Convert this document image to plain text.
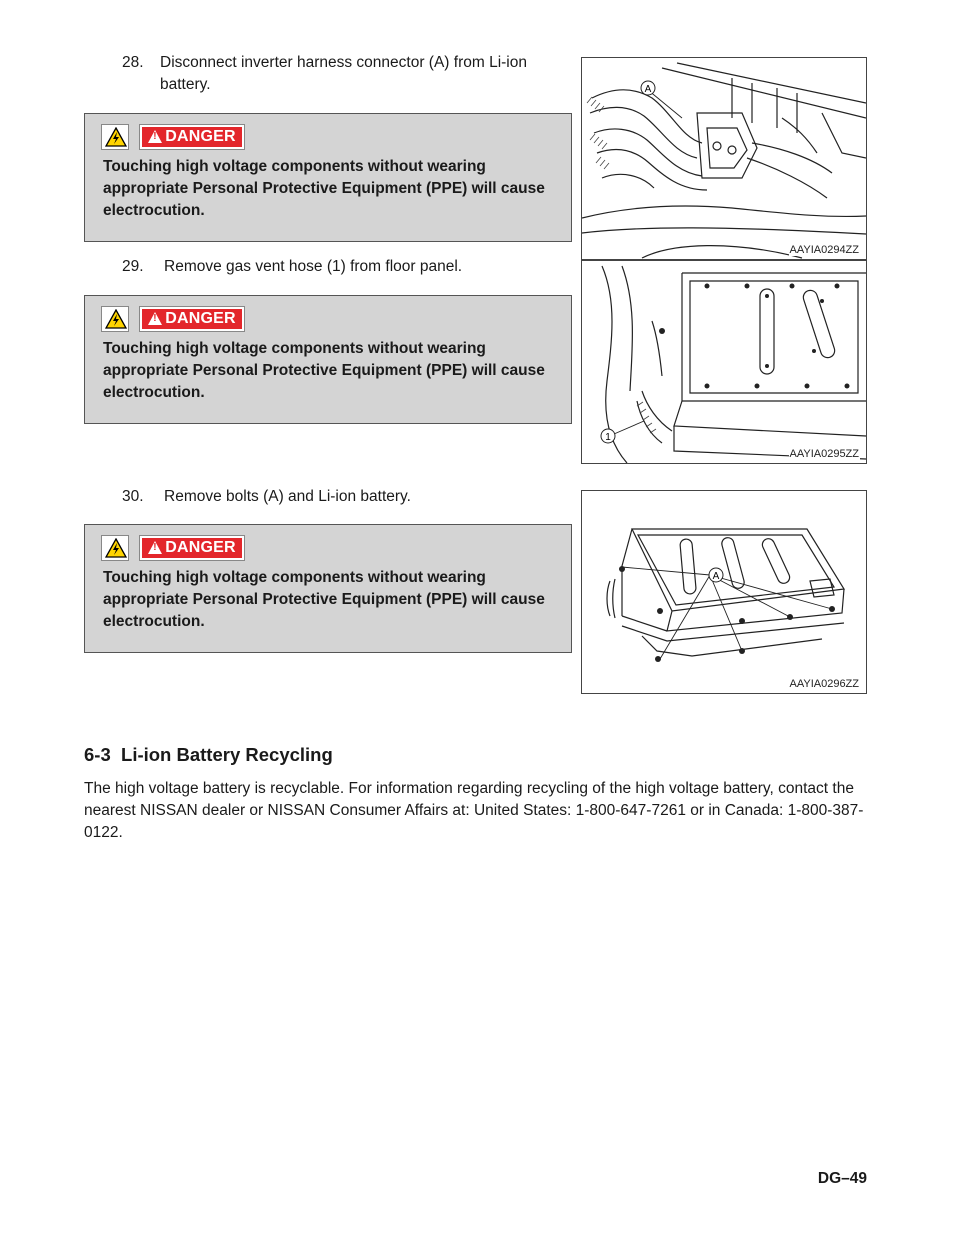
28. Disconnect inverter harness connector (A) from Li-ion
battery.
!DANGER
Touching high voltage components without wearing appropriate Personal Protective Equipment (PPE) will cause electrocution.
29. Remove gas vent hose (1) from floor panel.
!DANGER
Touching high voltage components without wearing appropriate Personal Protective Equipment (PPE) will cause electrocution.
30. Remove bolts (A) and Li-ion battery.
!DANGER
Touching high voltage components without wearing appropriate Personal Protective Equipment (PPE) will cause electrocution.
A
AAYIA0294ZZ
1
AAYIA0295ZZ
A
AAYIA0296ZZ
6-3  Li-ion Battery Recycling
The high voltage battery is recyclable. For information regarding recycling of the high voltage battery, contact the nearest NISSAN dealer or NISSAN Consumer Affairs at: United States: 1-800-647-7261 or in Canada: 1-800-387-0122.
DG–49
